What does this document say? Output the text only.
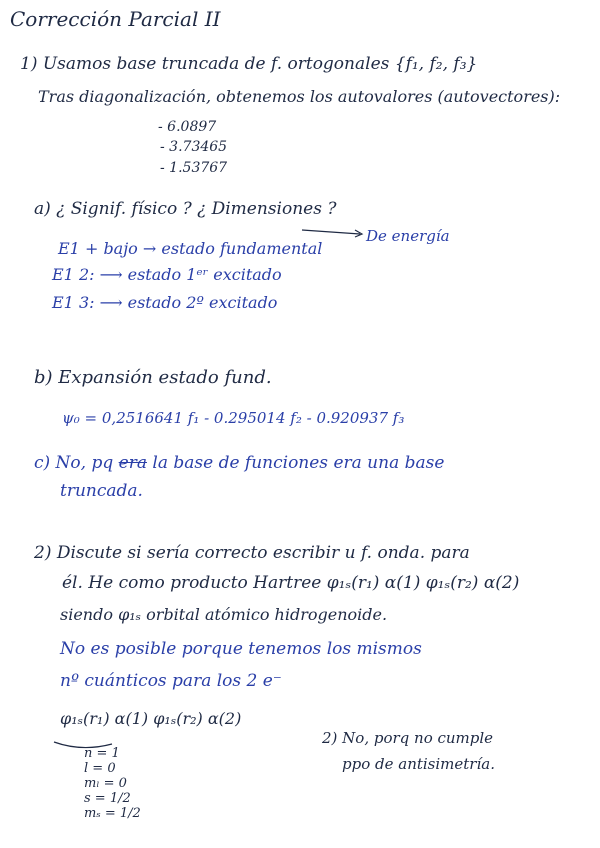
Corrección Parcial II
1) Usamos base truncada de f. ortogonales {f₁, f₂, f₃}
Tras diagonalización, obtenemos los autovalores (autovectores):
- 6.0897
- 3.73465
- 1.53767
a) ¿ Signif. físico ? ¿ Dimensiones ?
De energía
E1 + bajo → estado fundamental
E1 2: ⟶ estado 1ᵉʳ excitado
E1 3: ⟶ estado 2º excitado
b) Expansión estado fund.
ψ₀ = 0,2516641 f₁ - 0.295014 f₂ - 0.920937 f₃
c) No, pq era la base de funciones era una base
truncada.
2) Discute si sería correcto escribir u f. onda. para
él. He como producto Hartree φ₁ₛ(r₁) α(1) φ₁ₛ(r₂) α(2)
siendo φ₁ₛ orbital atómico hidrogenoide.
No es posible porque tenemos los mismos
nº cuánticos para los 2 e⁻
φ₁ₛ(r₁) α(1) φ₁ₛ(r₂) α(2)
n = 1
l = 0
mₗ = 0
s = 1/2
mₛ = 1/2
2) No, porq no cumple
ppo de antisimetría.
